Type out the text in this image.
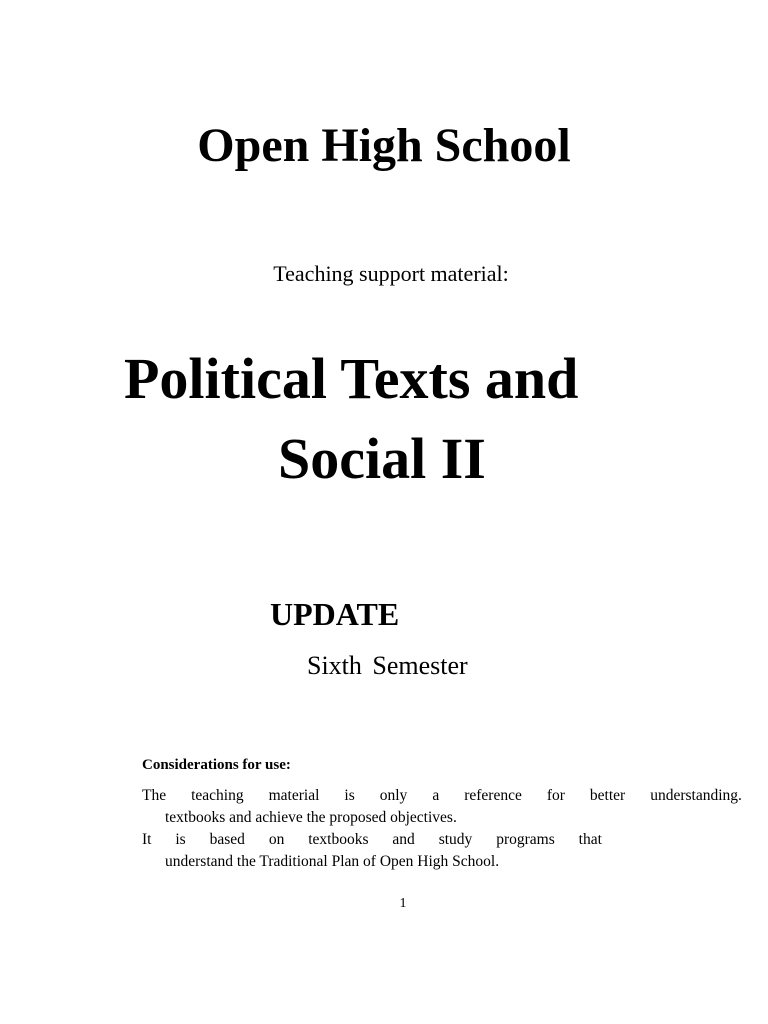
Open High School
Teaching support material:
Political Texts and
Social II
UPDATE
Sixth Semester
Considerations for use:
The teaching material is only a reference for better understanding.
textbooks and achieve the proposed objectives.
It is based on textbooks and study programs that
understand the Traditional Plan of Open High School.
1
